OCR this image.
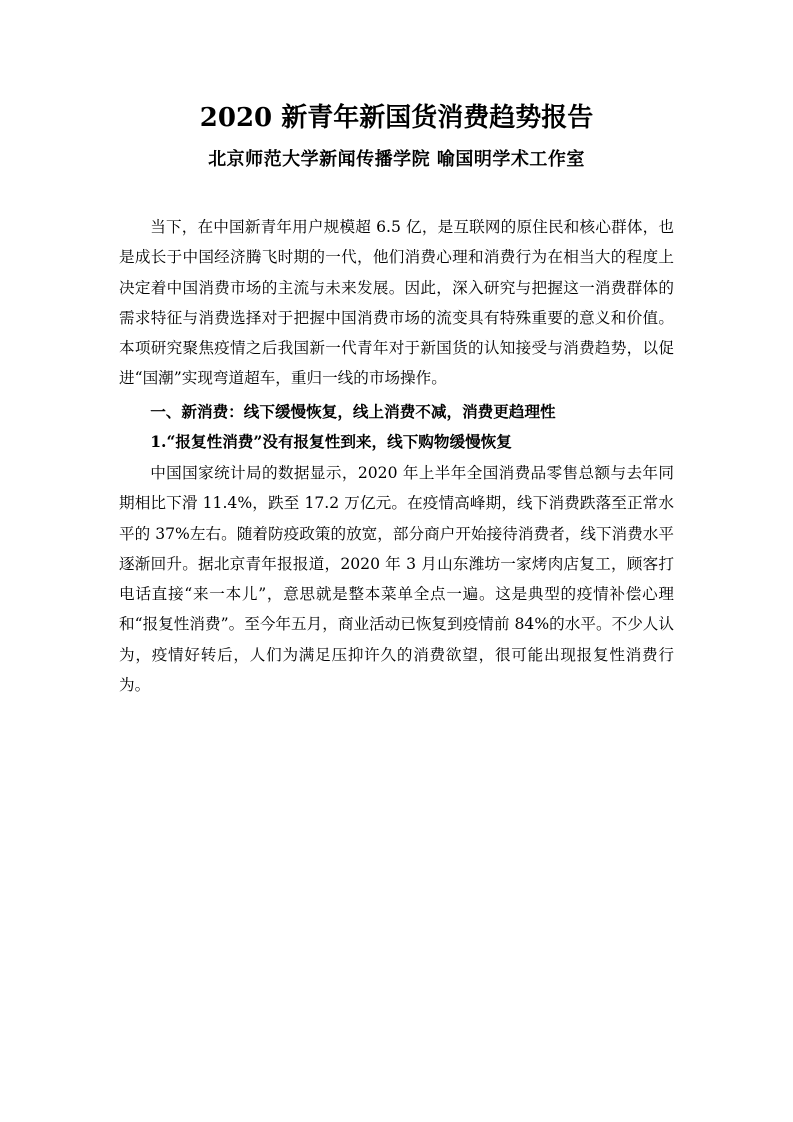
2020 新青年新国货消费趋势报告
北京师范大学新闻传播学院 喻国明学术工作室

当下，在中国新青年用户规模超 6.5 亿，是互联网的原住民和核心群体，也是成长于中国经济腾飞时期的一代，他们消费心理和消费行为在相当大的程度上决定着中国消费市场的主流与未来发展。因此，深入研究与把握这一消费群体的需求特征与消费选择对于把握中国消费市场的流变具有特殊重要的意义和价值。本项研究聚焦疫情之后我国新一代青年对于新国货的认知接受与消费趋势，以促进“国潮”实现弯道超车，重归一线的市场操作。

一、新消费：线下缓慢恢复，线上消费不减，消费更趋理性
1.“报复性消费”没有报复性到来，线下购物缓慢恢复

中国国家统计局的数据显示，2020 年上半年全国消费品零售总额与去年同期相比下滑 11.4%，跌至 17.2 万亿元。在疫情高峰期，线下消费跌落至正常水平的 37%左右。随着防疫政策的放宽，部分商户开始接待消费者，线下消费水平逐渐回升。据北京青年报报道，2020 年 3 月山东潍坊一家烤肉店复工，顾客打电话直接“来一本儿”，意思就是整本菜单全点一遍。这是典型的疫情补偿心理和“报复性消费”。至今年五月，商业活动已恢复到疫情前 84%的水平。不少人认为，疫情好转后，人们为满足压抑许久的消费欲望，很可能出现报复性消费行为。
